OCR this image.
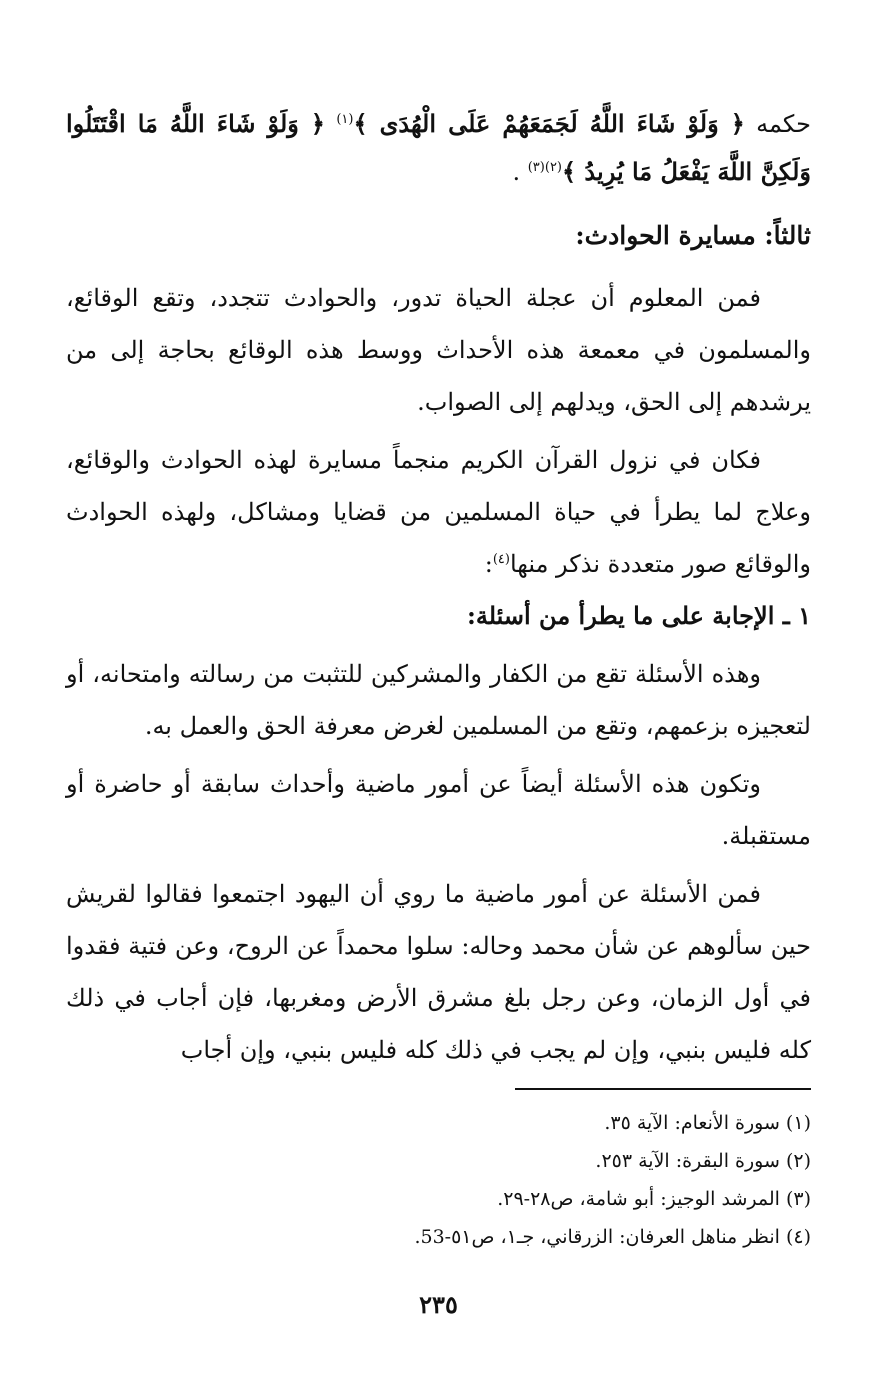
حكمه ﴿ وَلَوْ شَاءَ اللَّهُ لَجَمَعَهُمْ عَلَى الْهُدَى ﴾$^{(١)}$ ﴿ وَلَوْ شَاءَ اللَّهُ مَا اقْتَتَلُوا وَلَكِنَّ اللَّهَ يَفْعَلُ مَا يُرِيدُ ﴾$^{(٢)(٣)}$ .

ثالثاً: مسايرة الحوادث:

فمن المعلوم أن عجلة الحياة تدور، والحوادث تتجدد، وتقع الوقائع، والمسلمون في معمعة هذه الأحداث ووسط هذه الوقائع بحاجة إلى من يرشدهم إلى الحق، ويدلهم إلى الصواب.

فكان في نزول القرآن الكريم منجماً مسايرة لهذه الحوادث والوقائع، وعلاج لما يطرأ في حياة المسلمين من قضايا ومشاكل، ولهذه الحوادث والوقائع صور متعددة نذكر منها$^{(٤)}$:

١ ـ الإجابة على ما يطرأ من أسئلة:

وهذه الأسئلة تقع من الكفار والمشركين للتثبت من رسالته وامتحانه، أو لتعجيزه بزعمهم، وتقع من المسلمين لغرض معرفة الحق والعمل به.

وتكون هذه الأسئلة أيضاً عن أمور ماضية وأحداث سابقة أو حاضرة أو مستقبلة.

فمن الأسئلة عن أمور ماضية ما روي أن اليهود اجتمعوا فقالوا لقريش حين سألوهم عن شأن محمد وحاله: سلوا محمداً عن الروح، وعن فتية فقدوا في أول الزمان، وعن رجل بلغ مشرق الأرض ومغربها، فإن أجاب في ذلك كله فليس بنبي، وإن لم يجب في ذلك كله فليس بنبي، وإن أجاب

(١) سورة الأنعام: الآية ٣٥.
(٢) سورة البقرة: الآية ٢٥٣.
(٣) المرشد الوجيز: أبو شامة، ص٢٨-٢٩.
(٤) انظر مناهل العرفان: الزرقاني، جـ١، ص٥١-53.
٢٣٥
